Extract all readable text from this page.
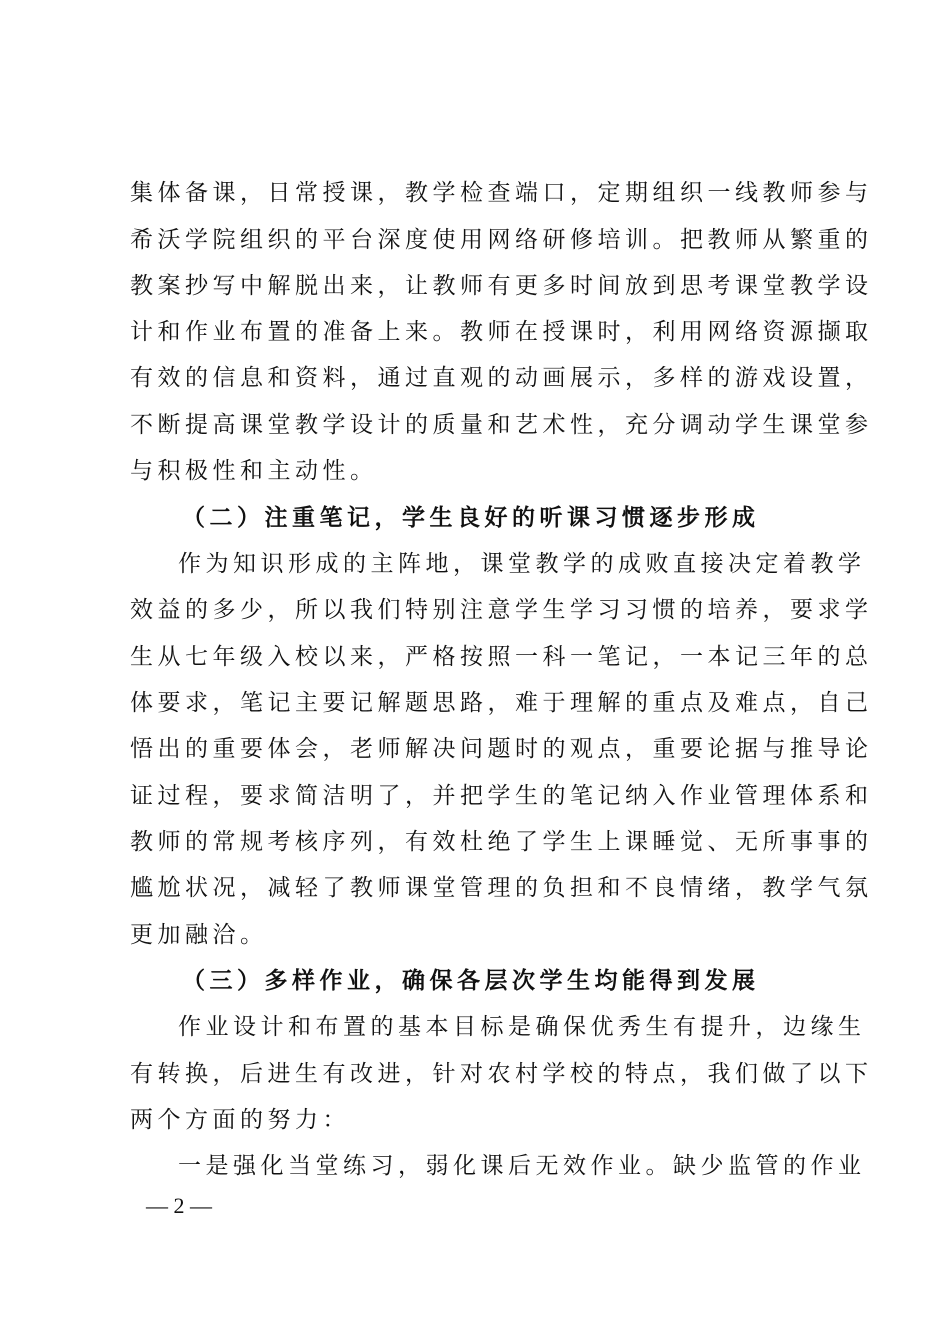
集体备课，日常授课，教学检查端口，定期组织一线教师参与
希沃学院组织的平台深度使用网络研修培训。把教师从繁重的
教案抄写中解脱出来，让教师有更多时间放到思考课堂教学设
计和作业布置的准备上来。教师在授课时，利用网络资源撷取
有效的信息和资料，通过直观的动画展示，多样的游戏设置，
不断提高课堂教学设计的质量和艺术性，充分调动学生课堂参
与积极性和主动性。
（二）注重笔记，学生良好的听课习惯逐步形成
作为知识形成的主阵地，课堂教学的成败直接决定着教学
效益的多少，所以我们特别注意学生学习习惯的培养，要求学
生从七年级入校以来，严格按照一科一笔记，一本记三年的总
体要求，笔记主要记解题思路，难于理解的重点及难点，自己
悟出的重要体会，老师解决问题时的观点，重要论据与推导论
证过程，要求简洁明了，并把学生的笔记纳入作业管理体系和
教师的常规考核序列，有效杜绝了学生上课睡觉、无所事事的
尴尬状况，减轻了教师课堂管理的负担和不良情绪，教学气氛
更加融洽。
（三）多样作业，确保各层次学生均能得到发展
作业设计和布置的基本目标是确保优秀生有提升，边缘生
有转换，后进生有改进，针对农村学校的特点，我们做了以下
两个方面的努力：
一是强化当堂练习，弱化课后无效作业。缺少监管的作业
— 2 —
